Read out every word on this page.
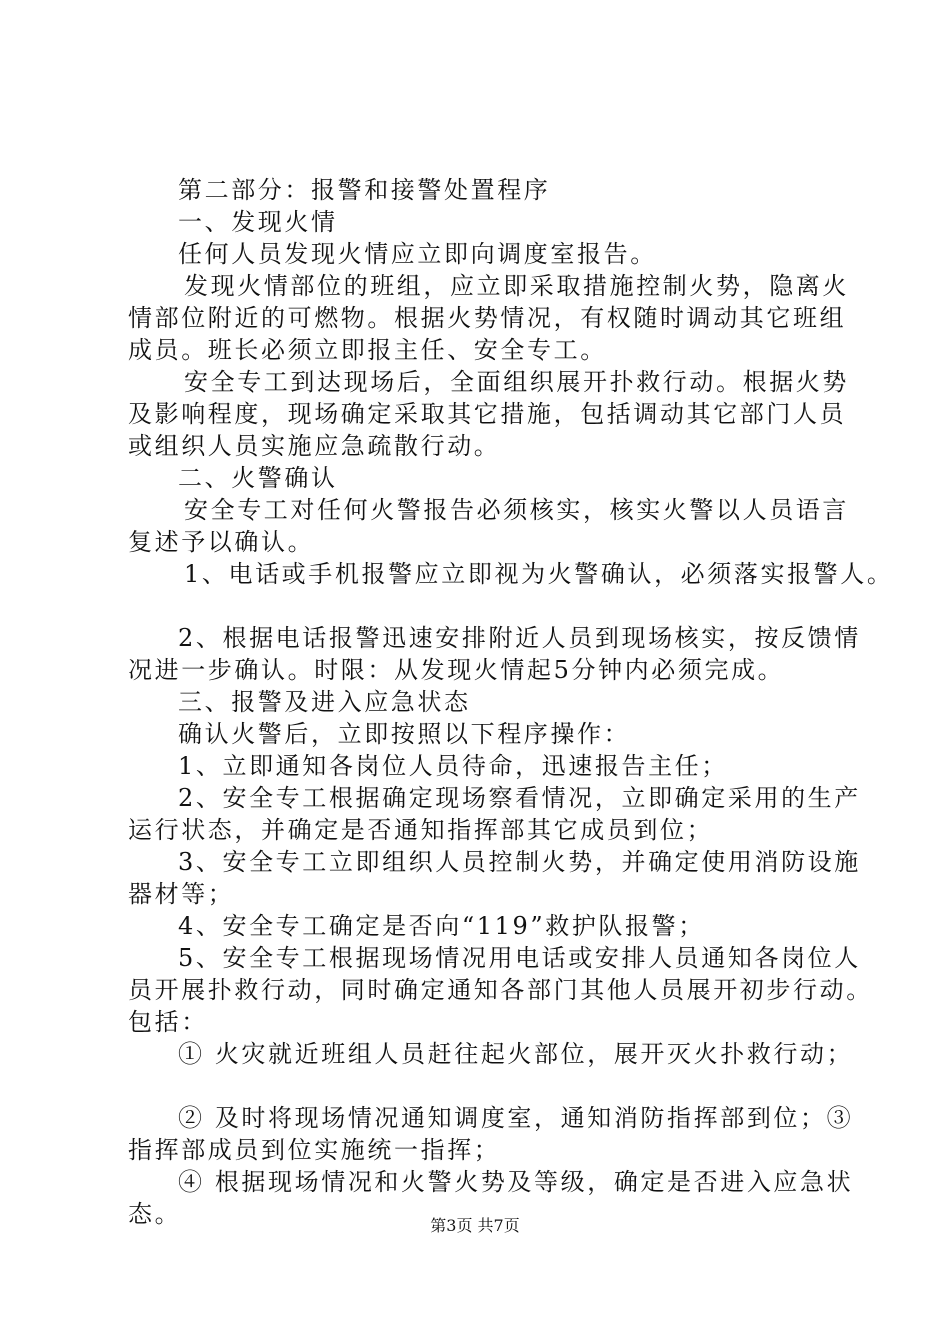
第二部分：报警和接警处置程序
一、发现火情
任何人员发现火情应立即向调度室报告。
发现火情部位的班组，应立即采取措施控制火势，隐离火
情部位附近的可燃物。根据火势情况，有权随时调动其它班组
成员。班长必须立即报主任、安全专工。
安全专工到达现场后，全面组织展开扑救行动。根据火势
及影响程度，现场确定采取其它措施，包括调动其它部门人员
或组织人员实施应急疏散行动。
二、火警确认
安全专工对任何火警报告必须核实，核实火警以人员语言
复述予以确认。
1、电话或手机报警应立即视为火警确认，必须落实报警人。
2、根据电话报警迅速安排附近人员到现场核实，按反馈情
况进一步确认。时限：从发现火情起5分钟内必须完成。
三、报警及进入应急状态
确认火警后，立即按照以下程序操作：
1、立即通知各岗位人员待命，迅速报告主任；
2、安全专工根据确定现场察看情况，立即确定采用的生产
运行状态，并确定是否通知指挥部其它成员到位；
3、安全专工立即组织人员控制火势，并确定使用消防设施
器材等；
4、安全专工确定是否向“119”救护队报警；
5、安全专工根据现场情况用电话或安排人员通知各岗位人
员开展扑救行动，同时确定通知各部门其他人员展开初步行动。
包括：
① 火灾就近班组人员赶往起火部位，展开灭火扑救行动；
② 及时将现场情况通知调度室，通知消防指挥部到位；③
指挥部成员到位实施统一指挥；
④ 根据现场情况和火警火势及等级，确定是否进入应急状
态。	第3页 共7页
